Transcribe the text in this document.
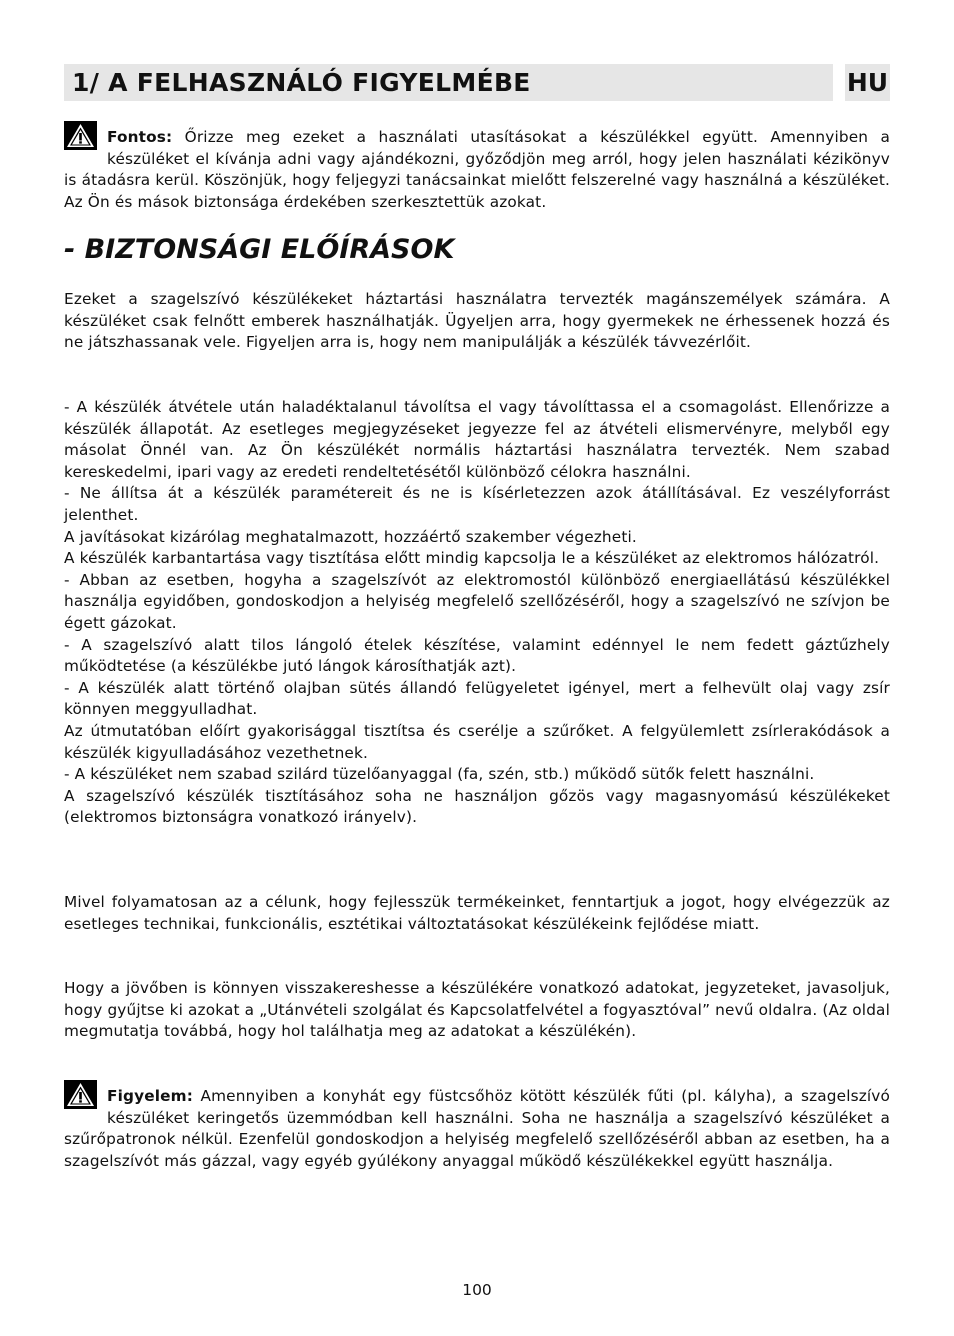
1/ A FELHASZNÁLÓ FIGYELMÉBE	HU

Fontos: Őrizze meg ezeket a használati utasításokat a készülékkel együtt. Amennyiben a készüléket el kívánja adni vagy ajándékozni, győződjön meg arról, hogy jelen használati kézikönyv is átadásra kerül. Köszönjük, hogy feljegyzi tanácsainkat mielőtt felszerelné vagy használná a készüléket. Az Ön és mások biztonsága érdekében szerkesztettük azokat.

- BIZTONSÁGI ELŐÍRÁSOK
Ezeket a szagelszívó készülékeket háztartási használatra tervezték magánszemélyek számára. A készüléket csak felnőtt emberek használhatják. Ügyeljen arra, hogy gyermekek ne érhessenek hozzá és ne játszhassanak vele. Figyeljen arra is, hogy nem manipulálják a készülék távvezérlőit.

- A készülék átvétele után haladéktalanul távolítsa el vagy távolíttassa el a csomagolást. Ellenőrizze a készülék állapotát. Az esetleges megjegyzéseket jegyezze fel az átvételi elismervényre, melyből egy másolat Önnél van. Az Ön készülékét normális háztartási használatra tervezték. Nem szabad kereskedelmi, ipari vagy az eredeti rendeltetésétől különböző célokra használni.

- Ne állítsa át a készülék paramétereit és ne is kísérletezzen azok átállításával. Ez veszélyforrást jelenthet.

A javításokat kizárólag meghatalmazott, hozzáértő szakember végezheti.

A készülék karbantartása vagy tisztítása előtt mindig kapcsolja le a készüléket az elektromos hálózatról.

- Abban az esetben, hogyha a szagelszívót az elektromostól különböző energiaellátású készülékkel használja egyidőben, gondoskodjon a helyiség megfelelő szellőzéséről, hogy a szagelszívó ne szívjon be égett gázokat.

- A szagelszívó alatt tilos lángoló ételek készítése, valamint edénnyel le nem fedett gáztűzhely működtetése (a készülékbe jutó lángok károsíthatják azt).

- A készülék alatt történő olajban sütés állandó felügyeletet igényel, mert a felhevült olaj vagy zsír könnyen meggyulladhat.

Az útmutatóban előírt gyakorisággal tisztítsa és cserélje a szűrőket. A felgyülemlett zsírlerakódások a készülék kigyulladásához vezethetnek.

- A készüléket nem szabad szilárd tüzelőanyaggal (fa, szén, stb.) működő sütők felett használni.

A szagelszívó készülék tisztításához soha ne használjon gőzös vagy magasnyomású készülékeket (elektromos biztonságra vonatkozó irányelv).

Mivel folyamatosan az a célunk, hogy fejlesszük termékeinket, fenntartjuk a jogot, hogy elvégezzük az esetleges technikai, funkcionális, esztétikai változtatásokat készülékeink fejlődése miatt.
Hogy a jövőben is könnyen visszakereshesse a készülékére vonatkozó adatokat, jegyzeteket, javasoljuk, hogy gyűjtse ki azokat a „Utánvételi szolgálat és Kapcsolatfelvétel a fogyasztóval” nevű oldalra. (Az oldal megmutatja továbbá, hogy hol találhatja meg az adatokat a készülékén).

Figyelem: Amennyiben a konyhát egy füstcsőhöz kötött készülék fűti (pl. kályha), a szagelszívó készüléket keringetős üzemmódban kell használni. Soha ne használja a szagelszívó készüléket a szűrőpatronok nélkül. Ezenfelül gondoskodjon a helyiség megfelelő szellőzéséről abban az esetben, ha a szagelszívót más gázzal, vagy egyéb gyúlékony anyaggal működő készülékekkel együtt használja.

100
